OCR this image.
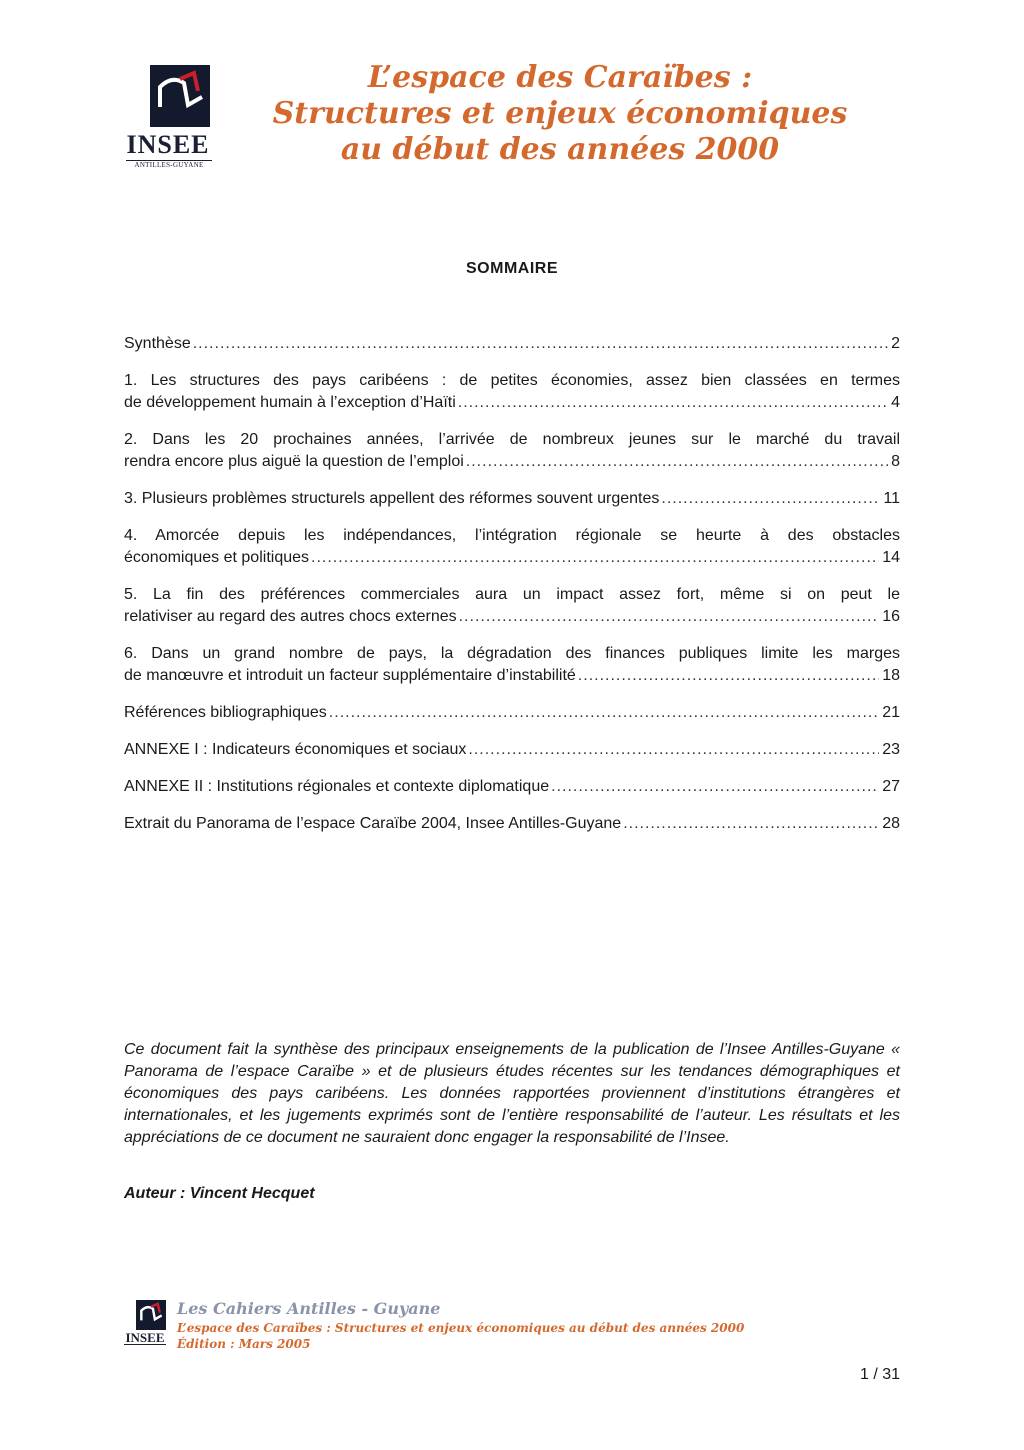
INSEE
ANTILLES-GUYANE
L’espace des Caraïbes :
Structures et enjeux économiques
au début des années 2000
SOMMAIRE
Synthèse .....	2
1. Les structures des pays caribéens : de petites économies, assez bien classées en termes
de développement humain à l’exception d’Haïti .....	4
2. Dans les 20 prochaines années, l’arrivée de nombreux jeunes sur le marché du travail
rendra encore plus aiguë la question de l’emploi .....	8
3. Plusieurs problèmes structurels appellent des réformes souvent urgentes .....	11
4. Amorcée depuis les indépendances, l’intégration régionale se heurte à des obstacles
économiques et politiques .....	14
5. La fin des préférences commerciales aura un impact assez fort, même si on peut le
relativiser au regard des autres chocs externes .....	16
6. Dans un grand nombre de pays, la dégradation des finances publiques limite les marges
de manœuvre et introduit un facteur supplémentaire d’instabilité .....	18
Références bibliographiques .....	21
ANNEXE I : Indicateurs économiques et sociaux .....	23
ANNEXE II : Institutions régionales et contexte diplomatique .....	27
Extrait du Panorama de l’espace Caraïbe 2004, Insee Antilles-Guyane .....	28
Ce document fait la synthèse des principaux enseignements de la publication de l’Insee Antilles-Guyane « Panorama de l’espace Caraïbe » et de plusieurs études récentes sur les tendances démographiques et économiques des pays caribéens. Les données rapportées proviennent d’institutions étrangères et internationales, et les jugements exprimés sont de l’entière responsabilité de l’auteur. Les résultats et les appréciations de ce document ne sauraient donc engager la responsabilité de l’Insee.
Auteur : Vincent Hecquet
INSEE
Les Cahiers Antilles - Guyane
L’espace des Caraïbes : Structures et enjeux économiques au début des années 2000
Édition : Mars 2005
1 / 31
